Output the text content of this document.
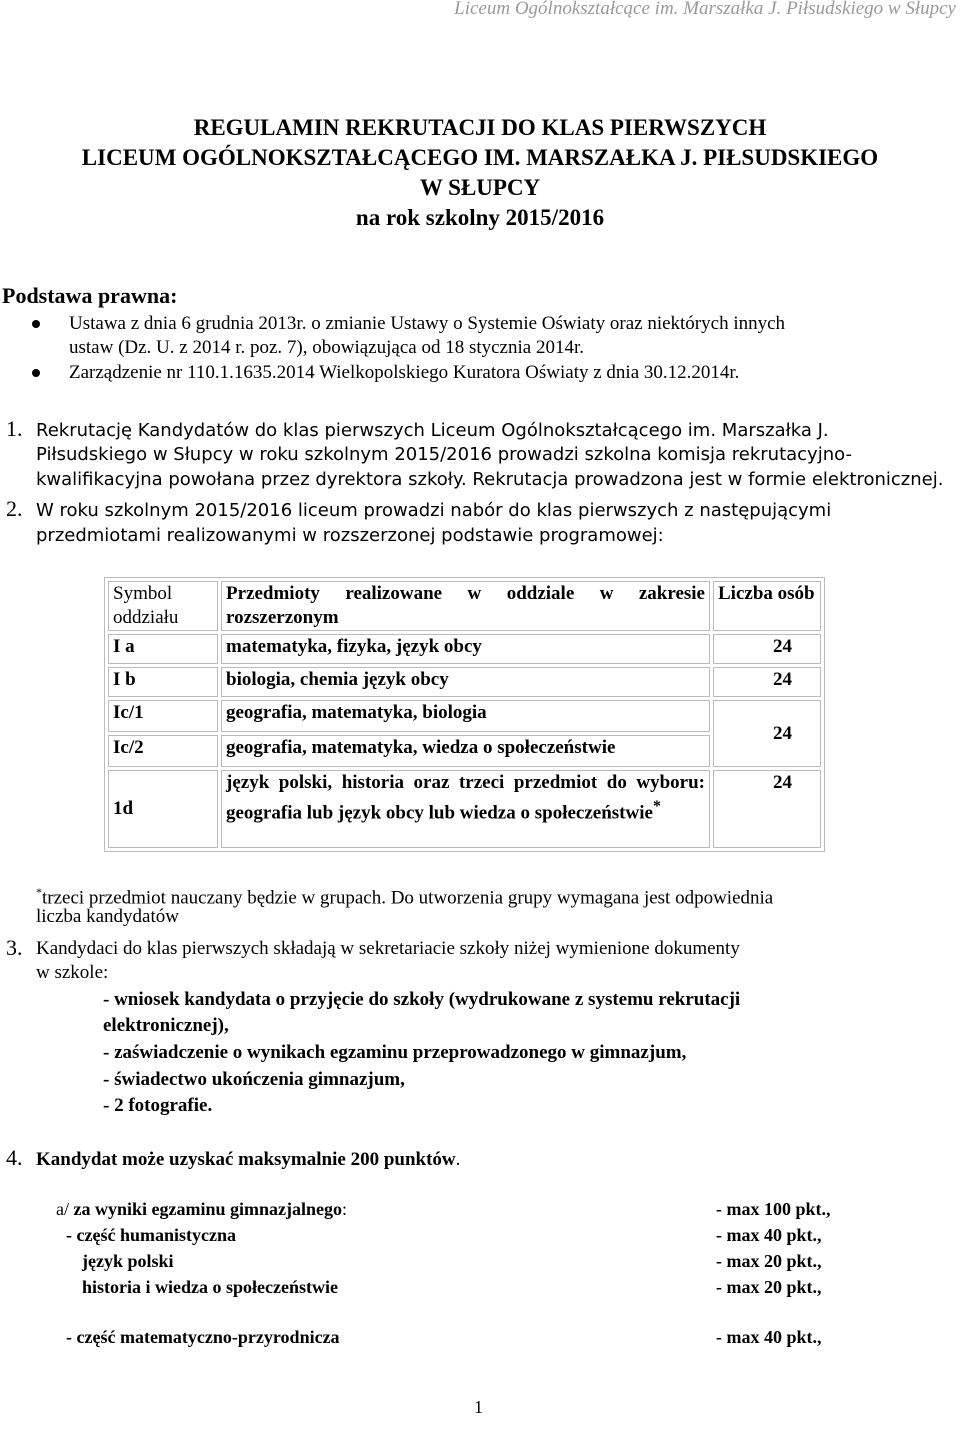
Liceum Ogólnokształcące im. Marszałka J. Piłsudskiego w Słupcy
REGULAMIN REKRUTACJI DO KLAS PIERWSZYCH
LICEUM OGÓLNOKSZTAŁCĄCEGO IM. MARSZAŁKA J. PIŁSUDSKIEGO
W SŁUPCY
na rok szkolny 2015/2016
Podstawa prawna:
Ustawa z dnia 6 grudnia 2013r. o zmianie Ustawy o Systemie Oświaty oraz niektórych innych
ustaw (Dz. U. z 2014 r. poz. 7), obowiązująca od 18 stycznia 2014r.
Zarządzenie nr 110.1.1635.2014 Wielkopolskiego Kuratora Oświaty z dnia 30.12.2014r.
1. Rekrutację Kandydatów do klas pierwszych Liceum Ogólnokształcącego im. Marszałka J.
Piłsudskiego w Słupcy w roku szkolnym 2015/2016 prowadzi szkolna komisja rekrutacyjno-
kwalifikacyjna powołana przez dyrektora szkoły. Rekrutacja prowadzona jest w formie elektronicznej.
2. W roku szkolnym 2015/2016 liceum prowadzi nabór do klas pierwszych z następującymi
przedmiotami realizowanymi w rozszerzonej podstawie programowej:
Symbol oddziału	Przedmioty realizowane w oddziale w zakresie rozszerzonym	Liczba osób
I a	matematyka, fizyka, język obcy	24
I b	biologia, chemia język obcy	24
Ic/1	geografia, matematyka, biologia	24
Ic/2	geografia, matematyka, wiedza o społeczeństwie	
1d	język polski, historia oraz trzeci przedmiot do wyboru: geografia lub język obcy lub wiedza o społeczeństwie*	24
*trzeci przedmiot nauczany będzie w grupach. Do utworzenia grupy wymagana jest odpowiednia
liczba kandydatów
3. Kandydaci do klas pierwszych składają w sekretariacie szkoły niżej wymienione dokumenty
w szkole:
- wniosek kandydata o przyjęcie do szkoły (wydrukowane z systemu rekrutacji
elektronicznej),
- zaświadczenie o wynikach egzaminu przeprowadzonego w gimnazjum,
- świadectwo ukończenia gimnazjum,
- 2 fotografie.
4. Kandydat może uzyskać maksymalnie 200 punktów.
a/ za wyniki egzaminu gimnazjalnego:	- max 100 pkt.,
- część humanistyczna	- max 40 pkt.,
język polski	- max 20 pkt.,
historia i wiedza o społeczeństwie	- max 20 pkt.,
- część matematyczno-przyrodnicza	- max 40 pkt.,
1
